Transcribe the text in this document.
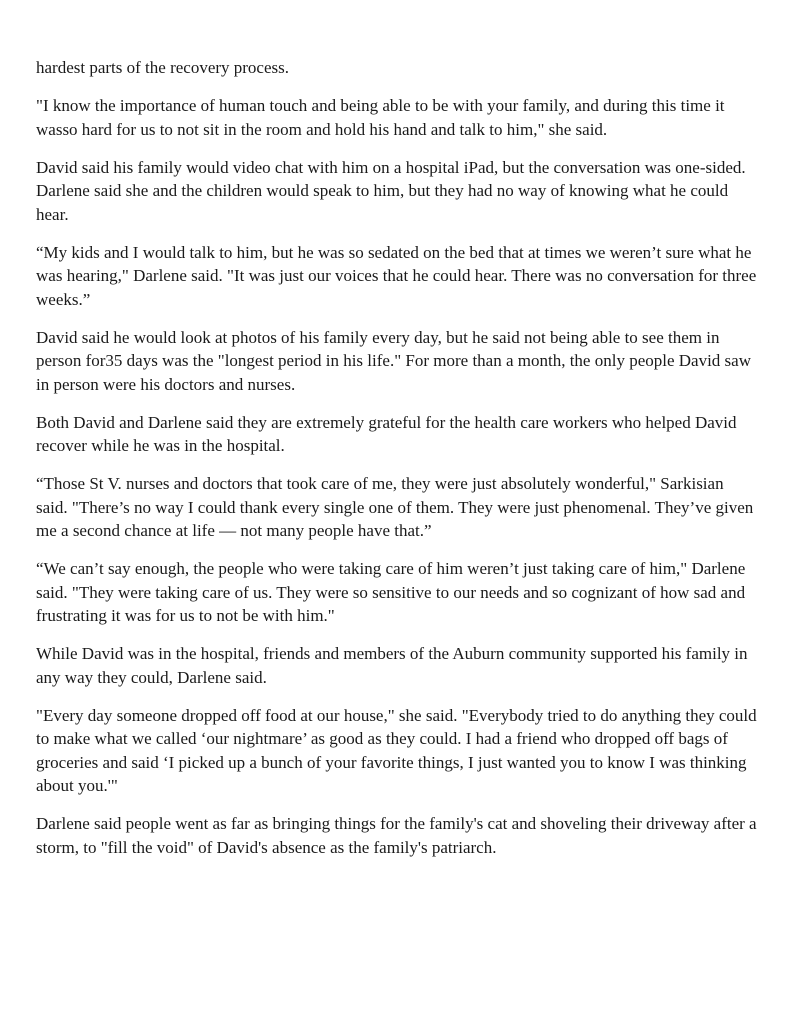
hardest parts of the recovery process.

"I know the importance of human touch and being able to be with your family, and during this time it wasso hard for us to not sit in the room and hold his hand and talk to him," she said.

David said his family would video chat with him on a hospital iPad, but the conversation was one-sided. Darlene said she and the children would speak to him, but they had no way of knowing what he could hear.

“My kids and I would talk to him, but he was so sedated on the bed that at times we weren’t sure what he was hearing," Darlene said. "It was just our voices that he could hear. There was no conversation for three weeks.”

David said he would look at photos of his family every day, but he said not being able to see them in person for35 days was the "longest period in his life." For more than a month, the only people David saw in person were his doctors and nurses.

Both David and Darlene said they are extremely grateful for the health care workers who helped David recover while he was in the hospital.

“Those St V. nurses and doctors that took care of me, they were just absolutely wonderful," Sarkisian said. "There’s no way I could thank every single one of them. They were just phenomenal. They’ve given me a second chance at life — not many people have that.”

“We can’t say enough, the people who were taking care of him weren’t just taking care of him," Darlene said. "They were taking care of us. They were so sensitive to our needs and so cognizant of how sad and frustrating it was for us to not be with him."

While David was in the hospital, friends and members of the Auburn community supported his family in any way they could, Darlene said.

"Every day someone dropped off food at our house," she said. "Everybody tried to do anything they could to make what we called ‘our nightmare’ as good as they could. I had a friend who dropped off bags of groceries and said ‘I picked up a bunch of your favorite things, I just wanted you to know I was thinking about you.'"

Darlene said people went as far as bringing things for the family's cat and shoveling their driveway after a storm, to "fill the void" of David's absence as the family's patriarch.
